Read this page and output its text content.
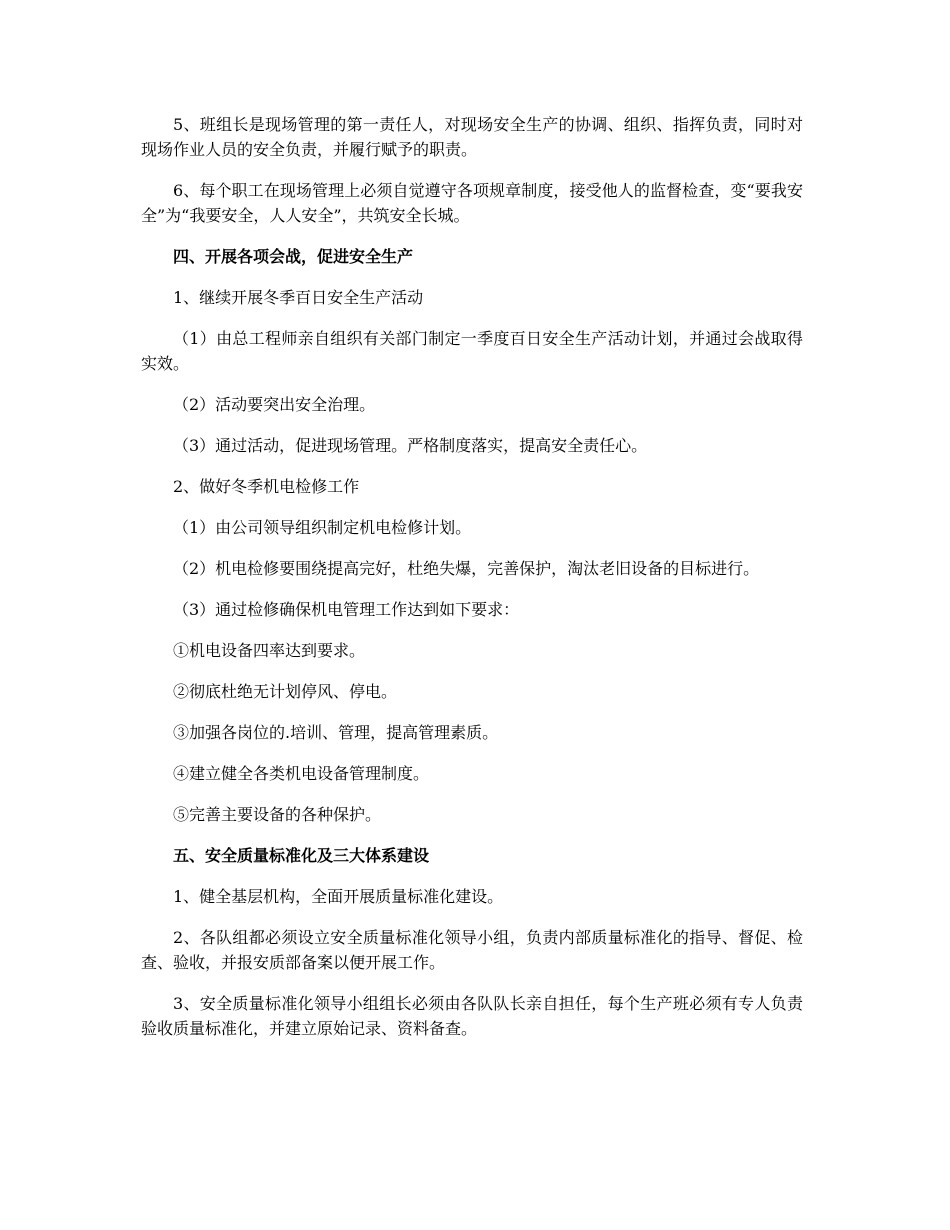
5、班组长是现场管理的第一责任人，对现场安全生产的协调、组织、指挥负责，同时对现场作业人员的安全负责，并履行赋予的职责。

6、每个职工在现场管理上必须自觉遵守各项规章制度，接受他人的监督检查，变“要我安全”为“我要安全，人人安全”，共筑安全长城。

四、开展各项会战，促进安全生产

1、继续开展冬季百日安全生产活动

（1）由总工程师亲自组织有关部门制定一季度百日安全生产活动计划，并通过会战取得实效。

（2）活动要突出安全治理。

（3）通过活动，促进现场管理。严格制度落实，提高安全责任心。

2、做好冬季机电检修工作

（1）由公司领导组织制定机电检修计划。

（2）机电检修要围绕提高完好，杜绝失爆，完善保护，淘汰老旧设备的目标进行。

（3）通过检修确保机电管理工作达到如下要求：

①机电设备四率达到要求。

②彻底杜绝无计划停风、停电。

③加强各岗位的.培训、管理，提高管理素质。

④建立健全各类机电设备管理制度。

⑤完善主要设备的各种保护。

五、安全质量标准化及三大体系建设

1、健全基层机构，全面开展质量标准化建设。

2、各队组都必须设立安全质量标准化领导小组，负责内部质量标准化的指导、督促、检查、验收，并报安质部备案以便开展工作。

3、安全质量标准化领导小组组长必须由各队队长亲自担任，每个生产班必须有专人负责验收质量标准化，并建立原始记录、资料备查。
